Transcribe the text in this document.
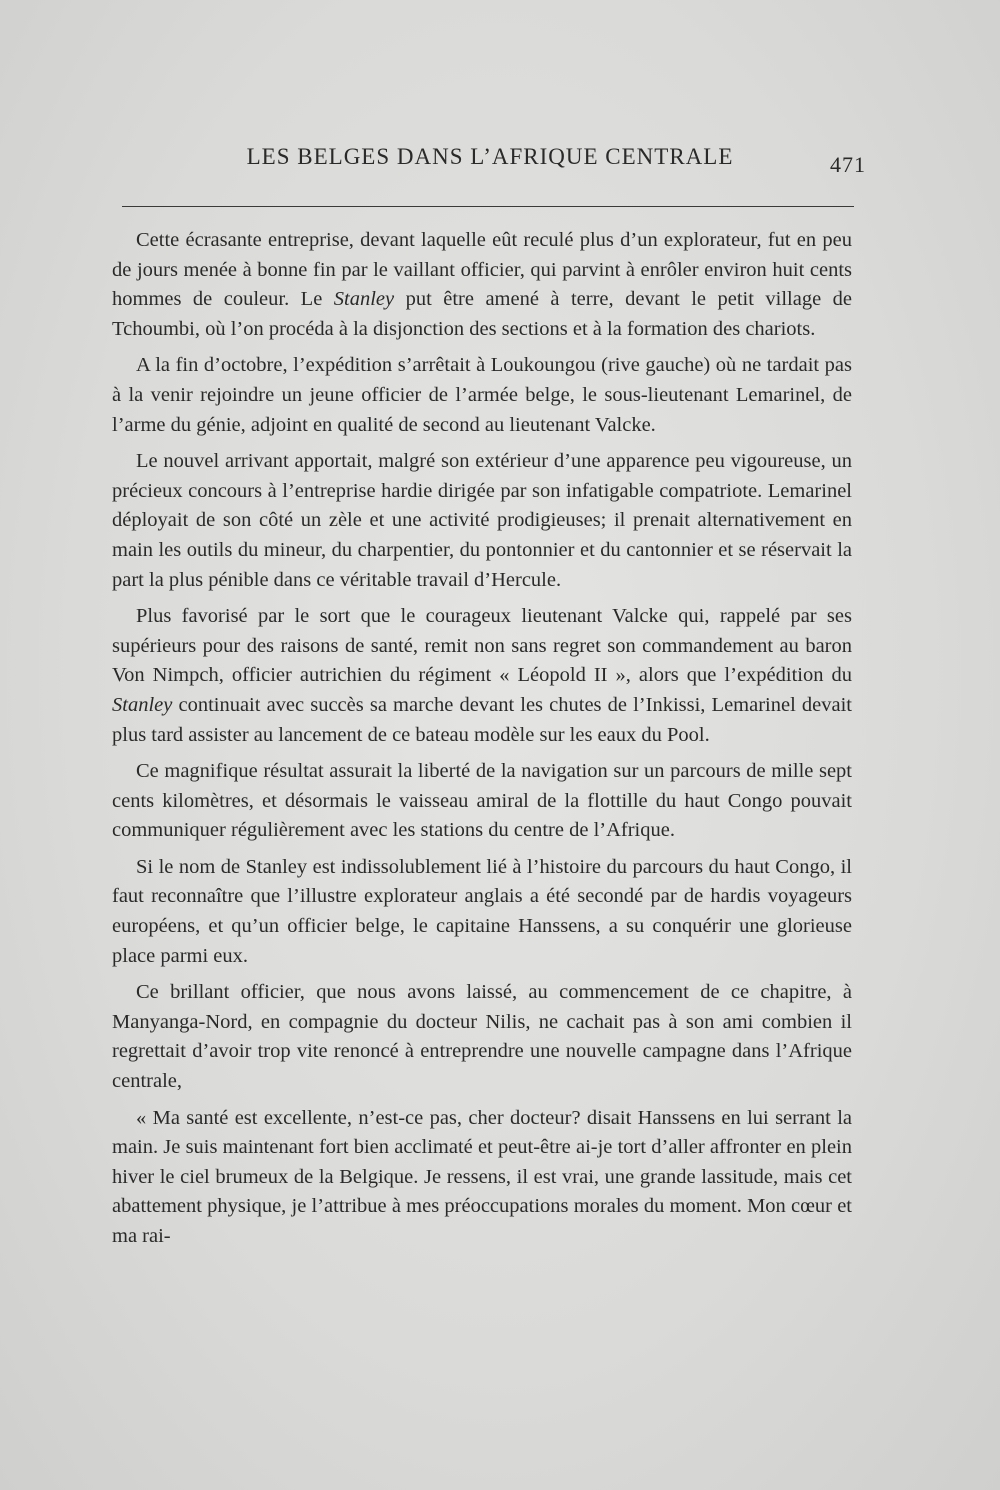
LES BELGES DANS L’AFRIQUE CENTRALE	471

Cette écrasante entreprise, devant laquelle eût reculé plus d’un explorateur, fut en peu de jours menée à bonne fin par le vaillant officier, qui parvint à enrôler environ huit cents hommes de couleur. Le Stanley put être amené à terre, devant le petit village de Tchoumbi, où l’on procéda à la disjonction des sections et à la formation des chariots.

A la fin d’octobre, l’expédition s’arrêtait à Loukoungou (rive gauche) où ne tardait pas à la venir rejoindre un jeune officier de l’armée belge, le sous-lieutenant Lemarinel, de l’arme du génie, adjoint en qualité de second au lieutenant Valcke.

Le nouvel arrivant apportait, malgré son extérieur d’une apparence peu vigoureuse, un précieux concours à l’entreprise hardie dirigée par son infatigable compatriote. Lemarinel déployait de son côté un zèle et une activité prodigieuses; il prenait alternativement en main les outils du mineur, du charpentier, du pontonnier et du cantonnier et se réservait la part la plus pénible dans ce véritable travail d’Hercule.

Plus favorisé par le sort que le courageux lieutenant Valcke qui, rappelé par ses supérieurs pour des raisons de santé, remit non sans regret son commandement au baron Von Nimpch, officier autrichien du régiment « Léopold II », alors que l’expédition du Stanley continuait avec succès sa marche devant les chutes de l’Inkissi, Lemarinel devait plus tard assister au lancement de ce bateau modèle sur les eaux du Pool.

Ce magnifique résultat assurait la liberté de la navigation sur un parcours de mille sept cents kilomètres, et désormais le vaisseau amiral de la flottille du haut Congo pouvait communiquer régulièrement avec les stations du centre de l’Afrique.

Si le nom de Stanley est indissolublement lié à l’histoire du parcours du haut Congo, il faut reconnaître que l’illustre explorateur anglais a été secondé par de hardis voyageurs européens, et qu’un officier belge, le capitaine Hanssens, a su conquérir une glorieuse place parmi eux.

Ce brillant officier, que nous avons laissé, au commencement de ce chapitre, à Manyanga-Nord, en compagnie du docteur Nilis, ne cachait pas à son ami combien il regrettait d’avoir trop vite renoncé à entreprendre une nouvelle campagne dans l’Afrique centrale,

« Ma santé est excellente, n’est-ce pas, cher docteur? disait Hanssens en lui serrant la main. Je suis maintenant fort bien acclimaté et peut-être ai-je tort d’aller affronter en plein hiver le ciel brumeux de la Belgique. Je ressens, il est vrai, une grande lassitude, mais cet abattement physique, je l’attribue à mes préoccupations morales du moment. Mon cœur et ma rai-
